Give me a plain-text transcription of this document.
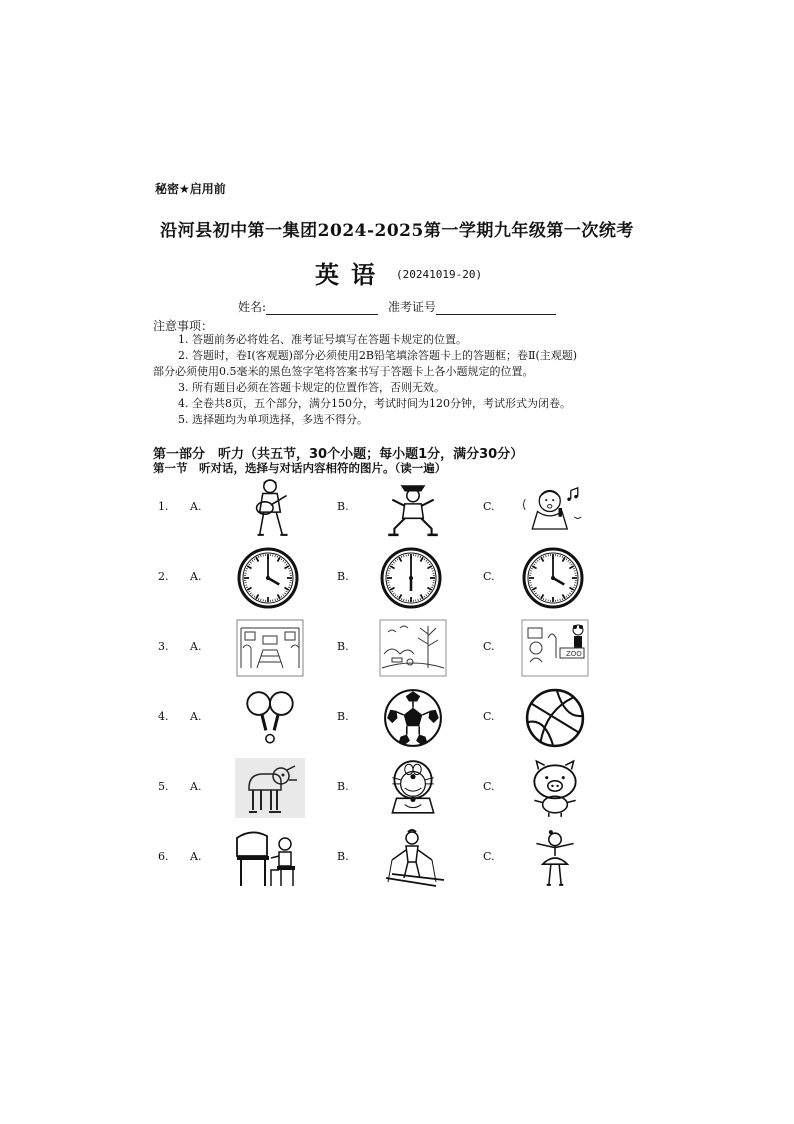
秘密★启用前
沿河县初中第一集团2024-2025第一学期九年级第一次统考
英语 (20241019-20)
姓名:	准考证号
注意事项：
1. 答题前务必将姓名、准考证号填写在答题卡规定的位置。
2. 答题时，卷Ⅰ(客观题)部分必须使用2B铅笔填涂答题卡上的答题框；卷Ⅱ(主观题)
部分必须使用0.5毫米的黑色签字笔将答案书写于答题卡上各小题规定的位置。
3. 所有题目必须在答题卡规定的位置作答，否则无效。
4. 全卷共8页，五个部分，满分150分，考试时间为120分钟，考试形式为闭卷。
5. 选择题均为单项选择，多选不得分。
第一部分　听力（共五节，30个小题；每小题1分，满分30分）
第一节　听对话，选择与对话内容相符的图片。（读一遍）
1. A.	B.	C.
2. A.	B.	C.
3. A.	B.	C.
4. A.	B.	C.
5. A.	B.	C.
6. A.	B.	C.
